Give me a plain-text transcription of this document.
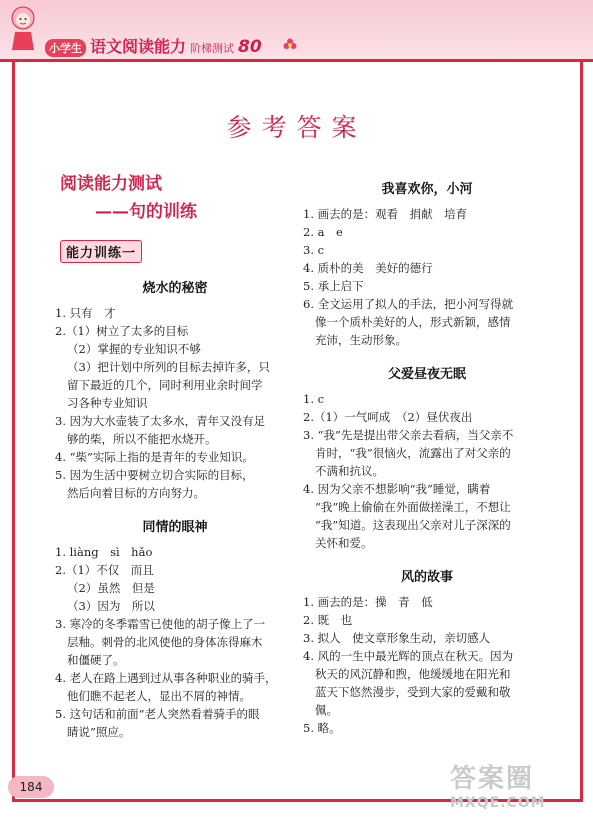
小学生 语文阅读能力 阶梯测试 80
参考答案
阅读能力测试
——句的训练
能力训练一
烧水的秘密
1. 只有　才
2.（1）树立了太多的目标
（2）掌握的专业知识不够
（3）把计划中所列的目标去掉许多，只
留下最近的几个，同时利用业余时间学
习各种专业知识
3. 因为大水壶装了太多水，青年又没有足
够的柴，所以不能把水烧开。
4. “柴”实际上指的是青年的专业知识。
5. 因为生活中要树立切合实际的目标，
然后向着目标的方向努力。
同情的眼神
1. liàng　sì　hǎo
2.（1）不仅　而且
（2）虽然　但是
（3）因为　所以
3. 寒冷的冬季霜雪已使他的胡子像上了一
层釉。刺骨的北风使他的身体冻得麻木
和僵硬了。
4. 老人在路上遇到过从事各种职业的骑手，
他们瞧不起老人，显出不屑的神情。
5. 这句话和前面“老人突然看着骑手的眼
睛说”照应。
我喜欢你，小河
1. 画去的是：观看　捐献　培育
2. a　e
3. c
4. 质朴的美　美好的德行
5. 承上启下
6. 全文运用了拟人的手法，把小河写得就
像一个质朴美好的人，形式新颖，感情
充沛，生动形象。
父爱昼夜无眠
1. c
2.（1）一气呵成　（2）昼伏夜出
3. “我”先是提出带父亲去看病，当父亲不
肯时，“我”很恼火，流露出了对父亲的
不满和抗议。
4. 因为父亲不想影响“我”睡觉，瞒着
“我”晚上偷偷在外面做搓澡工，不想让
“我”知道。这表现出父亲对儿子深深的
关怀和爱。
风的故事
1. 画去的是：操　青　低
2. 既　也
3. 拟人　使文章形象生动，亲切感人
4. 风的一生中最光辉的顶点在秋天。因为
秋天的风沉静和煦，他缓缓地在阳光和
蓝天下悠然漫步，受到大家的爱戴和敬
佩。
5. 略。
184	答案圈
MXQE.COM
